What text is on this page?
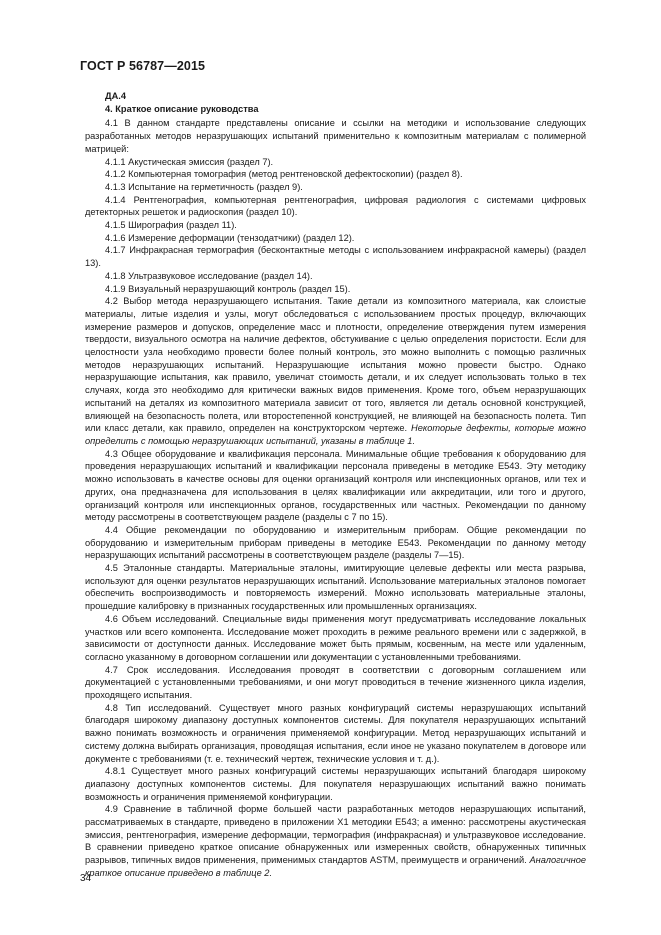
ГОСТ Р 56787—2015

ДА.4

4. Краткое описание руководства

4.1 В данном стандарте представлены описание и ссылки на методики и использование следующих разработанных методов неразрушающих испытаний применительно к композитным материалам с полимерной матрицей:

4.1.1 Акустическая эмиссия (раздел 7).

4.1.2 Компьютерная томография (метод рентгеновской дефектоскопии) (раздел 8).

4.1.3 Испытание на герметичность (раздел 9).

4.1.4 Рентгенография, компьютерная рентгенография, цифровая радиология с системами цифровых детекторных решеток и радиоскопия (раздел 10).

4.1.5 Ширография (раздел 11).

4.1.6 Измерение деформации (тензодатчики) (раздел 12).

4.1.7 Инфракрасная термография (бесконтактные методы с использованием инфракрасной камеры) (раздел 13).

4.1.8 Ультразвуковое исследование (раздел 14).

4.1.9 Визуальный неразрушающий контроль (раздел 15).

4.2 Выбор метода неразрушающего испытания. Такие детали из композитного материала, как слоистые материалы, литые изделия и узлы, могут обследоваться с использованием простых процедур, включающих измерение размеров и допусков, определение масс и плотности, определение отверждения путем измерения твердости, визуального осмотра на наличие дефектов, обстукивание с целью определения пористости. Если для целостности узла необходимо провести более полный контроль, это можно выполнить с помощью различных методов неразрушающих испытаний. Неразрушающие испытания можно провести быстро. Однако неразрушающие испытания, как правило, увеличат стоимость детали, и их следует использовать только в тех случаях, когда это необходимо для критически важных видов применения. Кроме того, объем неразрушающих испытаний на деталях из композитного материала зависит от того, является ли деталь основной конструкцией, влияющей на безопасность полета, или второстепенной конструкцией, не влияющей на безопасность полета. Тип или класс детали, как правило, определен на конструкторском чертеже. Некоторые дефекты, которые можно определить с помощью неразрушающих испытаний, указаны в таблице 1.

4.3 Общее оборудование и квалификация персонала. Минимальные общие требования к оборудованию для проведения неразрушающих испытаний и квалификации персонала приведены в методике Е543. Эту методику можно использовать в качестве основы для оценки организаций контроля или инспекционных органов, или тех и других, она предназначена для использования в целях квалификации или аккредитации, или того и другого, организаций контроля или инспекционных органов, государственных или частных. Рекомендации по данному методу рассмотрены в соответствующем разделе (разделы с 7 по 15).

4.4 Общие рекомендации по оборудованию и измерительным приборам. Общие рекомендации по оборудованию и измерительным приборам приведены в методике Е543. Рекомендации по данному методу неразрушающих испытаний рассмотрены в соответствующем разделе (разделы 7—15).

4.5 Эталонные стандарты. Материальные эталоны, имитирующие целевые дефекты или места разрыва, используют для оценки результатов неразрушающих испытаний. Использование материальных эталонов помогает обеспечить воспроизводимость и повторяемость измерений. Можно использовать материальные эталоны, прошедшие калибровку в признанных государственных или промышленных организациях.

4.6 Объем исследований. Специальные виды применения могут предусматривать исследование локальных участков или всего компонента. Исследование может проходить в режиме реального времени или с задержкой, в зависимости от доступности данных. Исследование может быть прямым, косвенным, на месте или удаленным, согласно указанному в договорном соглашении или документации с установленными требованиями.

4.7 Срок исследования. Исследования проводят в соответствии с договорным соглашением или документацией с установленными требованиями, и они могут проводиться в течение жизненного цикла изделия, проходящего испытания.

4.8 Тип исследований. Существует много разных конфигураций системы неразрушающих испытаний благодаря широкому диапазону доступных компонентов системы. Для покупателя неразрушающих испытаний важно понимать возможность и ограничения применяемой конфигурации. Метод неразрушающих испытаний и систему должна выбирать организация, проводящая испытания, если иное не указано покупателем в договоре или документе с требованиями (т. е. технический чертеж, технические условия и т. д.).

4.8.1 Существует много разных конфигураций системы неразрушающих испытаний благодаря широкому диапазону доступных компонентов системы. Для покупателя неразрушающих испытаний важно понимать возможность и ограничения применяемой конфигурации.

4.9 Сравнение в табличной форме большей части разработанных методов неразрушающих испытаний, рассматриваемых в стандарте, приведено в приложении Х1 методики Е543; а именно: рассмотрены акустическая эмиссия, рентгенография, измерение деформации, термография (инфракрасная) и ультразвуковое исследование. В сравнении приведено краткое описание обнаруженных или измеренных свойств, обнаруженных типичных разрывов, типичных видов применения, применимых стандартов ASTM, преимуществ и ограничений. Аналогичное краткое описание приведено в таблице 2.

34
